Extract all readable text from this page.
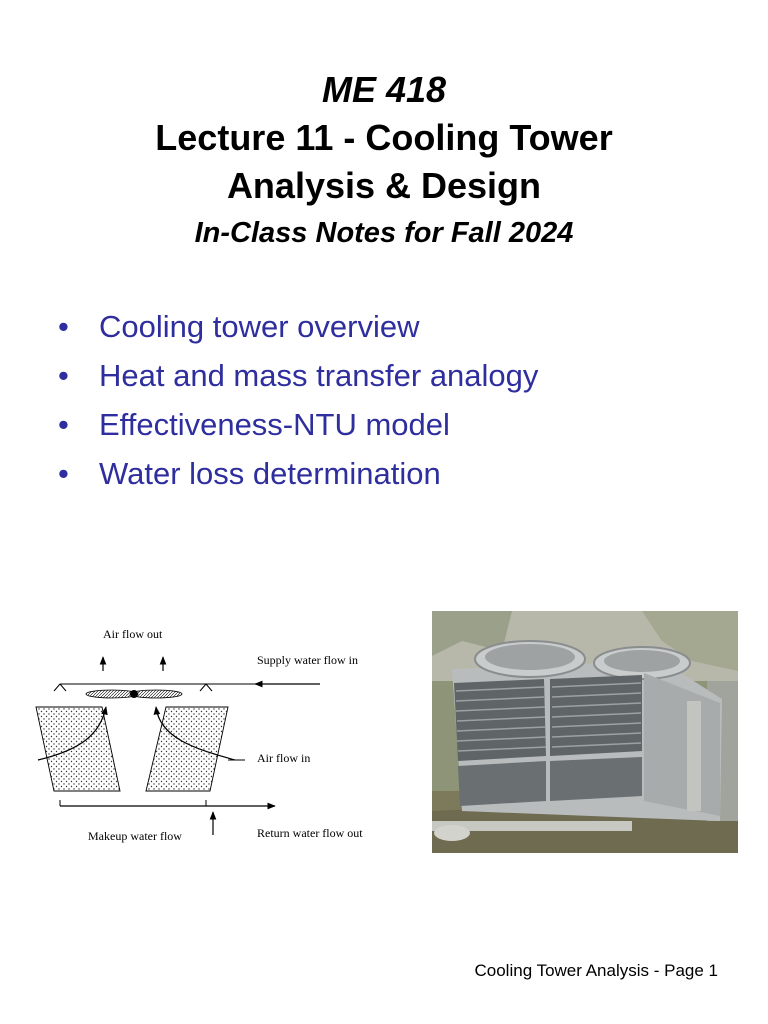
ME 418
Lecture 11 - Cooling Tower
Analysis & Design
In-Class Notes for Fall 2024
• Cooling tower overview
• Heat and mass transfer analogy
• Effectiveness-NTU model
• Water loss determination
Air flow out
Supply water flow in
Air flow in
Makeup water flow	Return water flow out
Cooling Tower Analysis - Page 1
